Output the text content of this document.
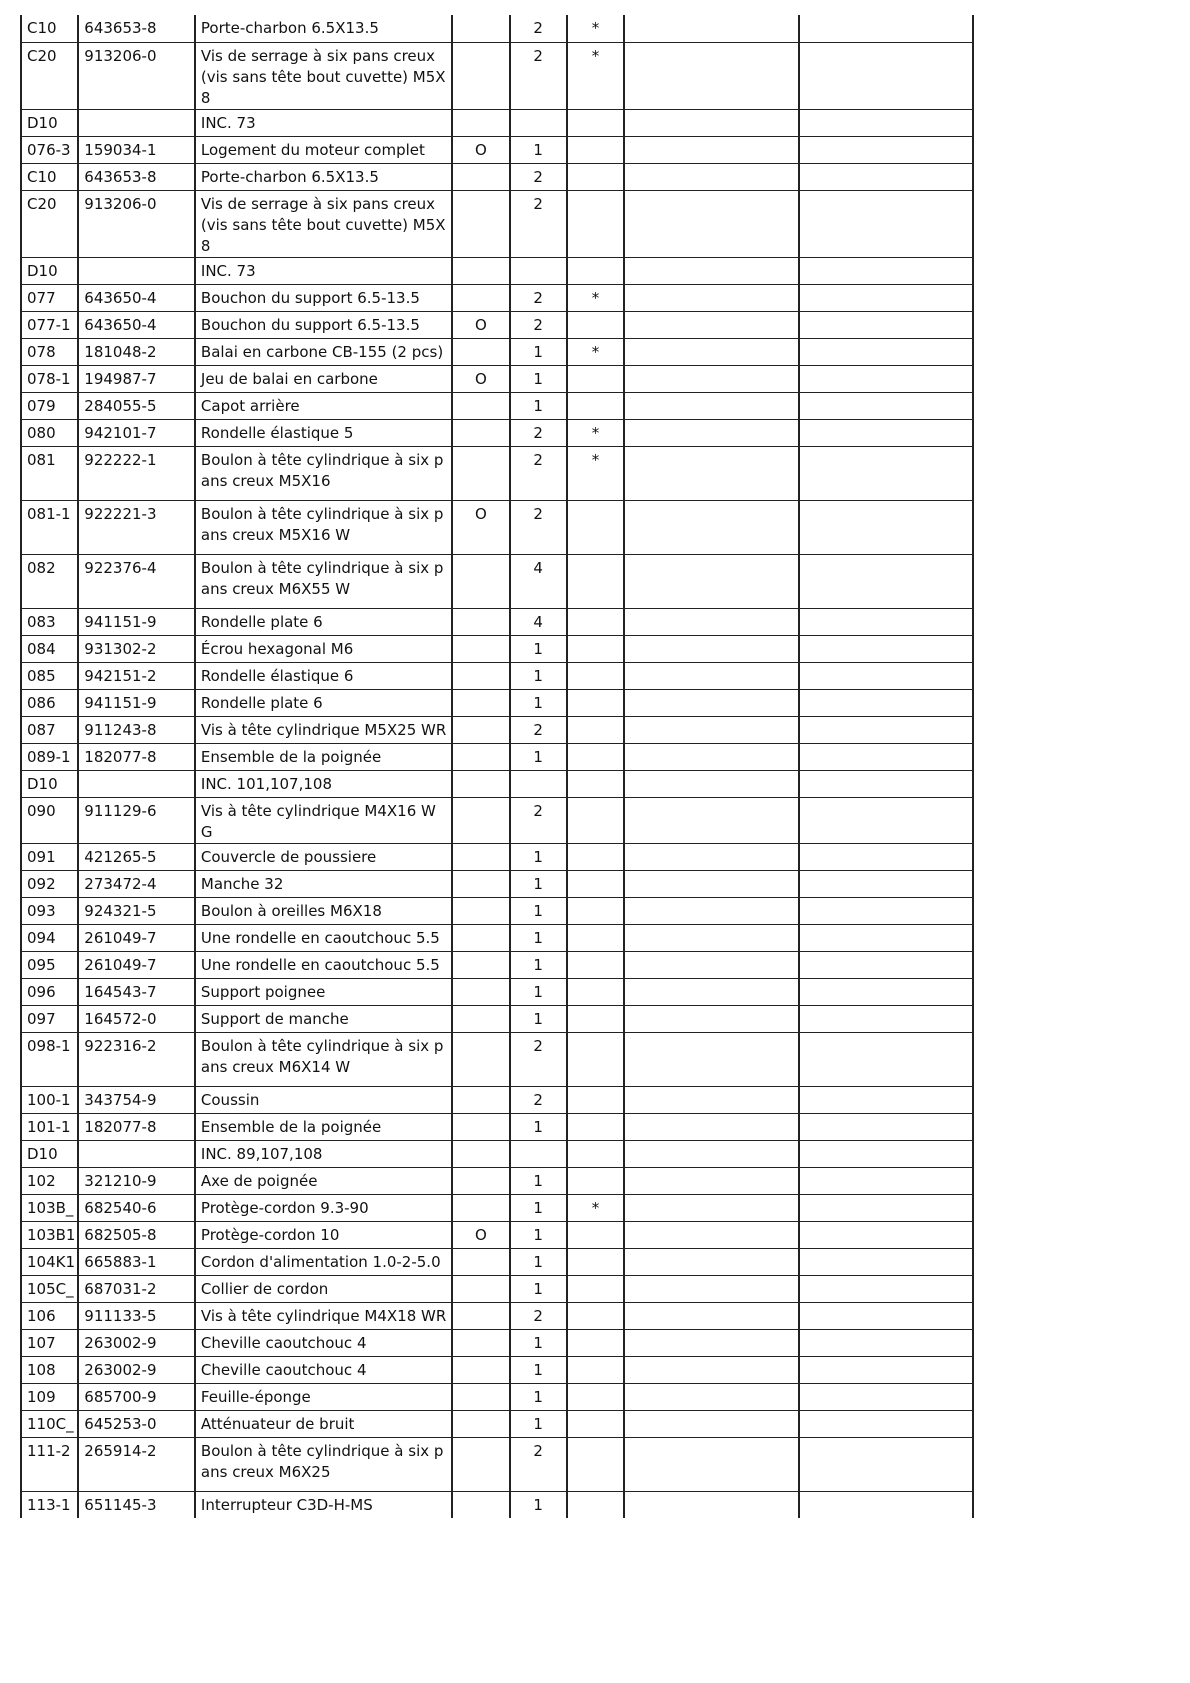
C10	643653-8	Porte-charbon 6.5X13.5		2	*		
C20	913206-0	Vis de serrage à six pans creux (vis sans tête bout cuvette) M5X8		2	*		
D10		INC. 73					
076-3	159034-1	Logement du moteur complet	O	1			
C10	643653-8	Porte-charbon 6.5X13.5		2			
C20	913206-0	Vis de serrage à six pans creux (vis sans tête bout cuvette) M5X8		2			
D10		INC. 73					
077	643650-4	Bouchon du support 6.5-13.5		2	*		
077-1	643650-4	Bouchon du support 6.5-13.5	O	2			
078	181048-2	Balai en carbone CB-155 (2 pcs)		1	*		
078-1	194987-7	Jeu de balai en carbone	O	1			
079	284055-5	Capot arrière		1			
080	942101-7	Rondelle élastique 5		2	*		
081	922222-1	Boulon à tête cylindrique à six pans creux M5X16		2	*		
081-1	922221-3	Boulon à tête cylindrique à six pans creux M5X16 W	O	2			
082	922376-4	Boulon à tête cylindrique à six pans creux M6X55 W		4			
083	941151-9	Rondelle plate 6		4			
084	931302-2	Écrou hexagonal M6		1			
085	942151-2	Rondelle élastique 6		1			
086	941151-9	Rondelle plate 6		1			
087	911243-8	Vis à tête cylindrique M5X25 WR		2			
089-1	182077-8	Ensemble de la poignée		1			
D10		INC. 101,107,108					
090	911129-6	Vis à tête cylindrique M4X16 WG		2			
091	421265-5	Couvercle de poussiere		1			
092	273472-4	Manche 32		1			
093	924321-5	Boulon à oreilles M6X18		1			
094	261049-7	Une rondelle en caoutchouc 5.5		1			
095	261049-7	Une rondelle en caoutchouc 5.5		1			
096	164543-7	Support poignee		1			
097	164572-0	Support de manche		1			
098-1	922316-2	Boulon à tête cylindrique à six pans creux M6X14 W		2			
100-1	343754-9	Coussin		2			
101-1	182077-8	Ensemble de la poignée		1			
D10		INC. 89,107,108					
102	321210-9	Axe de poignée		1			
103B_	682540-6	Protège-cordon 9.3-90		1	*		
103B1	682505-8	Protège-cordon 10	O	1			
104K1	665883-1	Cordon d'alimentation 1.0-2-5.0		1			
105C_	687031-2	Collier de cordon		1			
106	911133-5	Vis à tête cylindrique M4X18 WR		2			
107	263002-9	Cheville caoutchouc 4		1			
108	263002-9	Cheville caoutchouc 4		1			
109	685700-9	Feuille-éponge		1			
110C_	645253-0	Atténuateur de bruit		1			
111-2	265914-2	Boulon à tête cylindrique à six pans creux M6X25		2			
113-1	651145-3	Interrupteur C3D-H-MS		1			
